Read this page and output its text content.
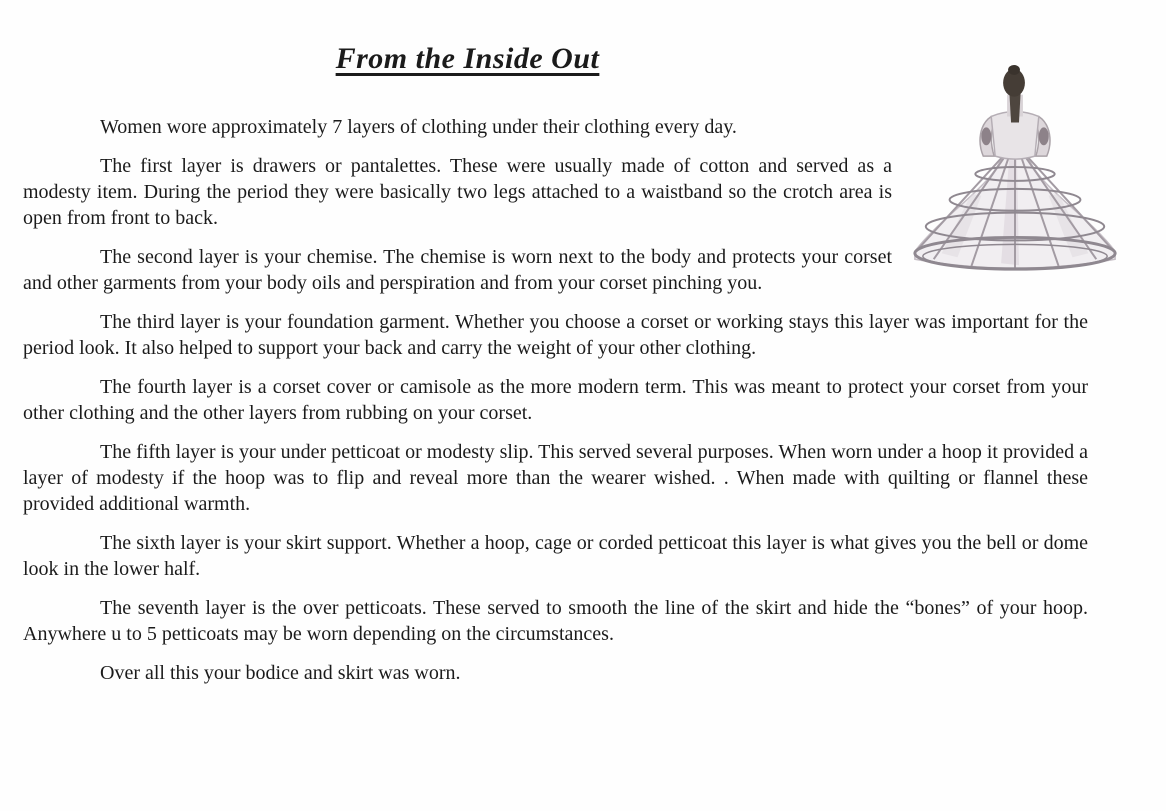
From the Inside Out

Women wore approximately 7 layers of clothing under their clothing every day.

The first layer is drawers or pantalettes. These were usually made of cotton and served as a modesty item. During the period they were basically two legs attached to a waistband so the crotch area is open from front to back.

The second layer is your chemise. The chemise is worn next to the body and protects your corset and other garments from your body oils and perspiration and from your corset pinching you.

The third layer is your foundation garment. Whether you choose a corset or working stays this layer was important for the period look. It also helped to support your back and carry the weight of your other clothing.

The fourth layer is a corset cover or camisole as the more modern term. This was meant to protect your corset from your other clothing and the other layers from rubbing on your corset.

The fifth layer is your under petticoat or modesty slip. This served several purposes. When worn under a hoop it provided a layer of modesty if the hoop was to flip and reveal more than the wearer wished. . When made with quilting or flannel these provided additional warmth.

The sixth layer is your skirt support. Whether a hoop, cage or corded petticoat this layer is what gives you the bell or dome look in the lower half.

The seventh layer is the over petticoats. These served to smooth the line of the skirt and hide the “bones” of your hoop. Anywhere u to 5 petticoats may be worn depending on the circumstances.

Over all this your bodice and skirt was worn.
